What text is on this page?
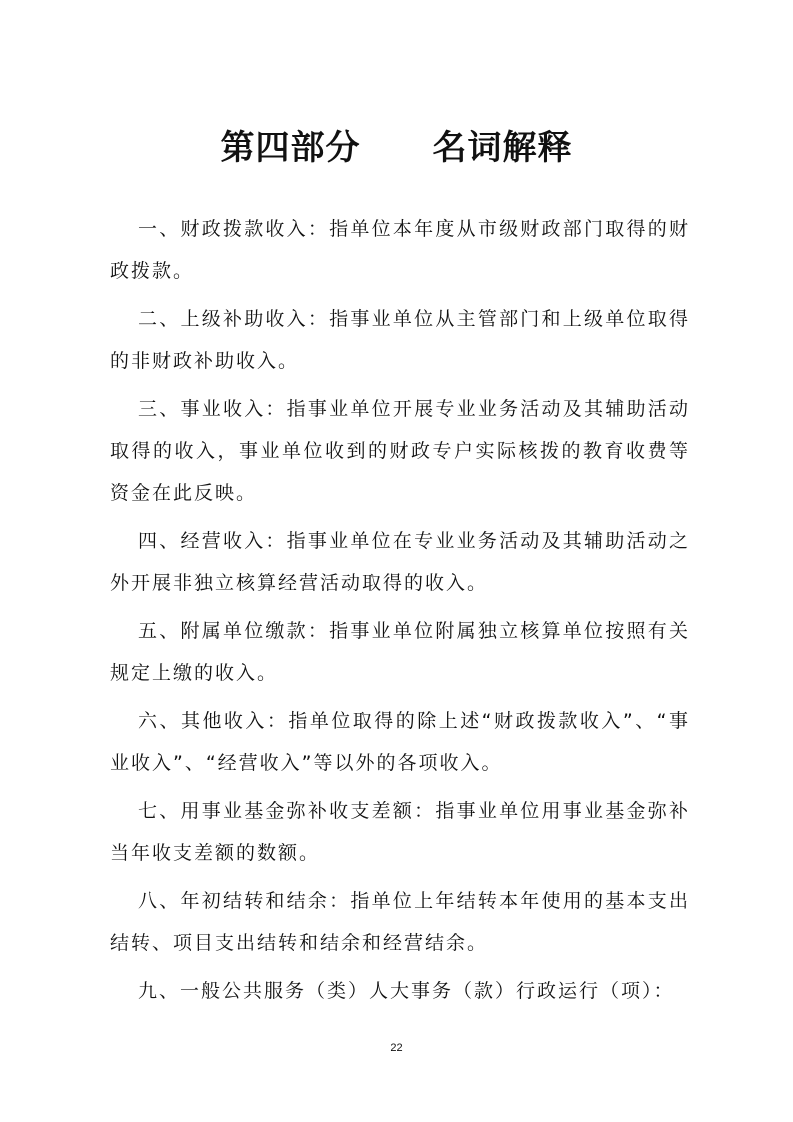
第四部分 名词解释

一、财政拨款收入：指单位本年度从市级财政部门取得的财政拨款。

二、上级补助收入：指事业单位从主管部门和上级单位取得的非财政补助收入。

三、事业收入：指事业单位开展专业业务活动及其辅助活动取得的收入，事业单位收到的财政专户实际核拨的教育收费等资金在此反映。

四、经营收入：指事业单位在专业业务活动及其辅助活动之外开展非独立核算经营活动取得的收入。

五、附属单位缴款：指事业单位附属独立核算单位按照有关规定上缴的收入。

六、其他收入：指单位取得的除上述“财政拨款收入”、“事业收入”、“经营收入”等以外的各项收入。

七、用事业基金弥补收支差额：指事业单位用事业基金弥补当年收支差额的数额。

八、年初结转和结余：指单位上年结转本年使用的基本支出结转、项目支出结转和结余和经营结余。

九、一般公共服务（类）人大事务（款）行政运行（项）：

22
